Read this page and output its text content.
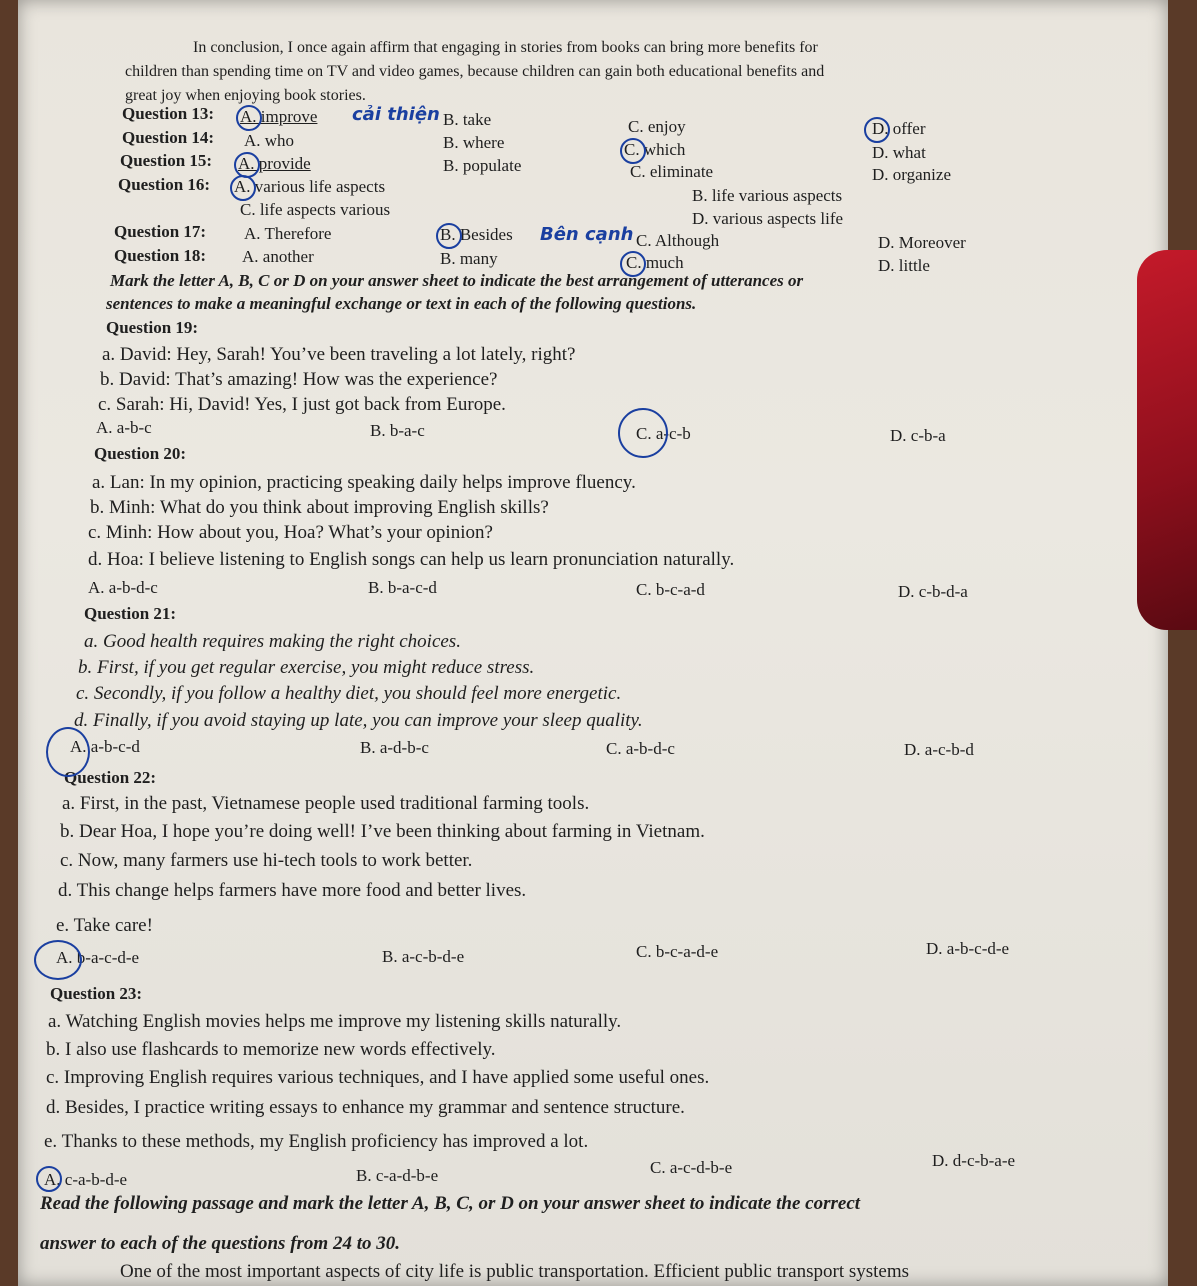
In conclusion, I once again affirm that engaging in stories from books can bring more benefits for
children than spending time on TV and video games, because children can gain both educational benefits and
great joy when enjoying book stories.
Question 13: A. improve cải thiện B. take	C. enjoy	D. offer
Question 14: A. who	B. where	C. which	D. what
Question 15: A. provide	B. populate	C. eliminate	D. organize
Question 16: A. various life aspects	B. life various aspects
C. life aspects various	D. various aspects life
Question 17: A. Therefore	B. Besides Bên cạnh C. Although	D. Moreover
Question 18: A. another	B. many	C. much	D. little
Mark the letter A, B, C or D on your answer sheet to indicate the best arrangement of utterances or
sentences to make a meaningful exchange or text in each of the following questions.
Question 19:
a. David: Hey, Sarah! You’ve been traveling a lot lately, right?
b. David: That’s amazing! How was the experience?
c. Sarah: Hi, David! Yes, I just got back from Europe.
A. a-b-c	B. b-a-c	C. a-c-b	D. c-b-a
Question 20:
a. Lan: In my opinion, practicing speaking daily helps improve fluency.
b. Minh: What do you think about improving English skills?
c. Minh: How about you, Hoa? What’s your opinion?
d. Hoa: I believe listening to English songs can help us learn pronunciation naturally.
A. a-b-d-c	B. b-a-c-d	C. b-c-a-d	D. c-b-d-a
Question 21:
a. Good health requires making the right choices.
b. First, if you get regular exercise, you might reduce stress.
c. Secondly, if you follow a healthy diet, you should feel more energetic.
d. Finally, if you avoid staying up late, you can improve your sleep quality.
A. a-b-c-d	B. a-d-b-c	C. a-b-d-c	D. a-c-b-d
Question 22:
a. First, in the past, Vietnamese people used traditional farming tools.
b. Dear Hoa, I hope you’re doing well! I’ve been thinking about farming in Vietnam.
c. Now, many farmers use hi-tech tools to work better.
d. This change helps farmers have more food and better lives.
e. Take care!
A. b-a-c-d-e	B. a-c-b-d-e	C. b-c-a-d-e	D. a-b-c-d-e
Question 23:
a. Watching English movies helps me improve my listening skills naturally.
b. I also use flashcards to memorize new words effectively.
c. Improving English requires various techniques, and I have applied some useful ones.
d. Besides, I practice writing essays to enhance my grammar and sentence structure.
e. Thanks to these methods, my English proficiency has improved a lot.
A. c-a-b-d-e	B. c-a-d-b-e	C. a-c-d-b-e	D. d-c-b-a-e
Read the following passage and mark the letter A, B, C, or D on your answer sheet to indicate the correct
answer to each of the questions from 24 to 30.
One of the most important aspects of city life is public transportation. Efficient public transport systems
